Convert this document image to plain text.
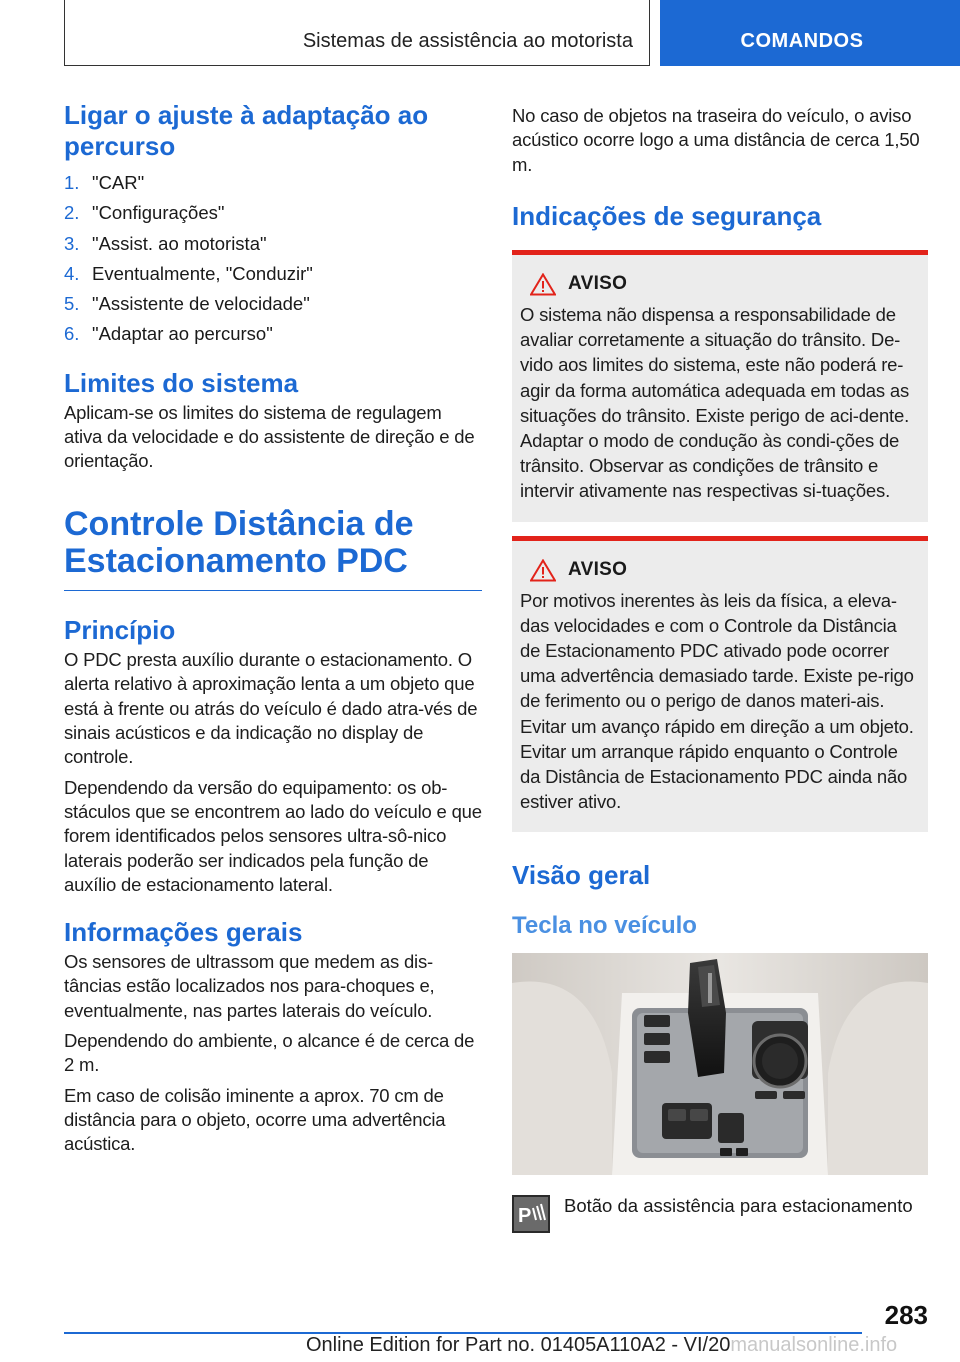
Sistemas de assistência ao motorista	COMANDOS
Ligar o ajuste à adaptação ao percurso
1. "CAR"
2. "Configurações"
3. "Assist. ao motorista"
4. Eventualmente, "Conduzir"
5. "Assistente de velocidade"
6. "Adaptar ao percurso"
Limites do sistema

Aplicam-se os limites do sistema de regulagem ativa da velocidade e do assistente de direção e de orientação.

Controle Distância de Estacionamento PDC
Princípio

O PDC presta auxílio durante o estacionamento. O alerta relativo à aproximação lenta a um objeto que está à frente ou atrás do veículo é dado atra-vés de sinais acústicos e da indicação no display de controle.

Dependendo da versão do equipamento: os ob-stáculos que se encontrem ao lado do veículo e que forem identificados pelos sensores ultra-sô-nico laterais poderão ser indicados pela função de auxílio de estacionamento lateral.

Informações gerais

Os sensores de ultrassom que medem as dis-tâncias estão localizados nos para-choques e, eventualmente, nas partes laterais do veículo.

Dependendo do ambiente, o alcance é de cerca de 2 m.

Em caso de colisão iminente a aprox. 70 cm de distância para o objeto, ocorre uma advertência acústica.

No caso de objetos na traseira do veículo, o aviso acústico ocorre logo a uma distância de cerca 1,50 m.

Indicações de segurança
AVISO

O sistema não dispensa a responsabilidade de avaliar corretamente a situação do trânsito. De-vido aos limites do sistema, este não poderá re-agir da forma automática adequada em todas as situações do trânsito. Existe perigo de aci-dente. Adaptar o modo de condução às condi-ções de trânsito. Observar as condições de trânsito e intervir ativamente nas respectivas si-tuações.

AVISO

Por motivos inerentes às leis da física, a eleva-das velocidades e com o Controle da Distância de Estacionamento PDC ativado pode ocorrer uma advertência demasiado tarde. Existe pe-rigo de ferimento ou o perigo de danos materi-ais. Evitar um avanço rápido em direção a um objeto. Evitar um arranque rápido enquanto o Controle da Distância de Estacionamento PDC ainda não estiver ativo.

Visão geral
Tecla no veículo
P Botão da assistência para estacionamento
283
Online Edition for Part no. 01405A110A2 - VI/20manualsonline.info
